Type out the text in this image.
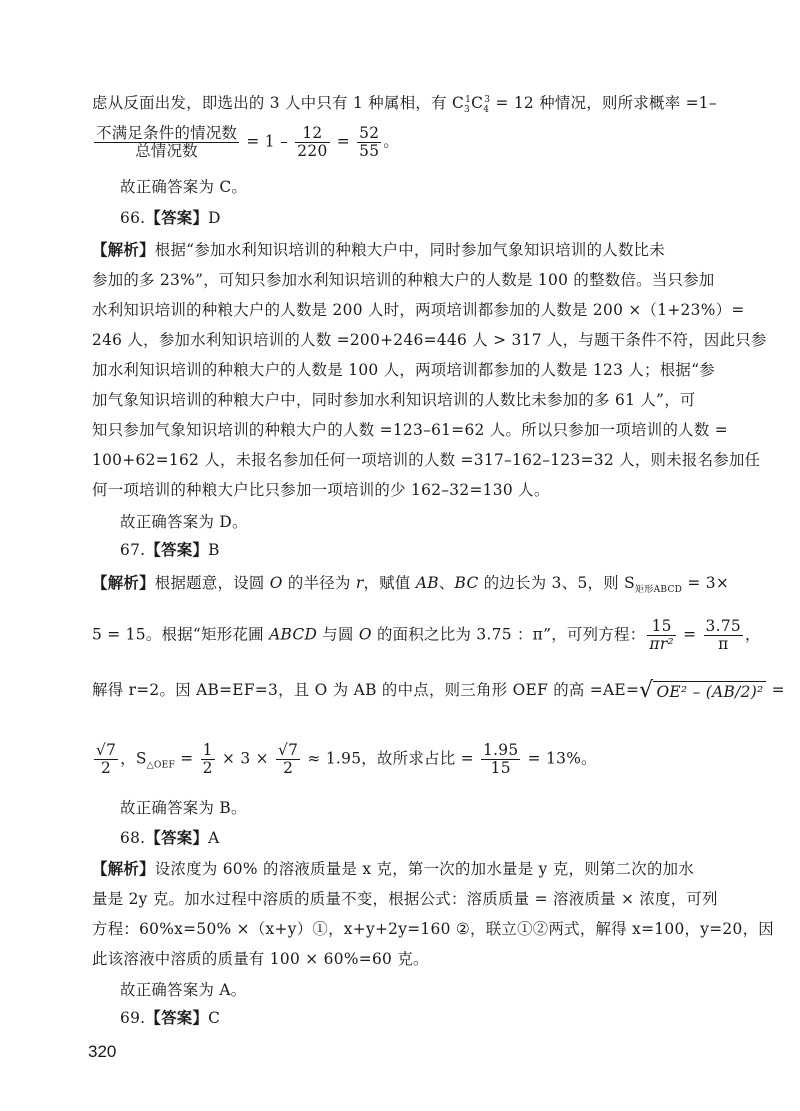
虑从反面出发，即选出的 3 人中只有 1 种属相，有 $C_3^1C_4^3 = 12$ 种情况，则所求概率 =1–
$\frac{\text{不满足条件的情况数}}{\text{总情况数}} = 1 - \frac{12}{220} = \frac{52}{55}$ 。
故正确答案为 C。
66.【答案】D
【解析】根据“参加水利知识培训的种粮大户中，同时参加气象知识培训的人数比未
参加的多 23%”，可知只参加水利知识培训的种粮大户的人数是 100 的整数倍。当只参加
水利知识培训的种粮大户的人数是 200 人时，两项培训都参加的人数是 200 ×（1+23%）=
246 人，参加水利知识培训的人数 =200+246=446 人 > 317 人，与题干条件不符，因此只参
加水利知识培训的种粮大户的人数是 100 人，两项培训都参加的人数是 123 人；根据“参
加气象知识培训的种粮大户中，同时参加水利知识培训的人数比未参加的多 61 人”，可
知只参加气象知识培训的种粮大户的人数 =123–61=62 人。所以只参加一项培训的人数 =
100+62=162 人，未报名参加任何一项培训的人数 =317–162–123=32 人，则未报名参加任
何一项培训的种粮大户比只参加一项培训的少 162–32=130 人。
故正确答案为 D。
67.【答案】B
【解析】根据题意，设圆 O 的半径为 r，赋值 AB、BC 的边长为 3、5，则 $S_{矩形ABCD} = 3\times$
5 = 15。根据“矩形花圃 ABCD 与圆 O 的面积之比为 3.75 ：π”，可列方程： $\frac{15}{\text{πr²}} = \frac{3.75}{\pi}$ ，
解得 r=2。因 AB=EF=3，且 O 为 AB 的中点，则三角形 OEF 的高 =AE=√ OE² – (AB/2)² =
$\frac{√7}{2}$ ，$S_{\triangle OEF} = \frac{1}{2} \times 3 \times \frac{√7}{2} \approx 1.95$，故所求占比 = $\frac{1.95}{15} = 13\%$。
故正确答案为 B。
68.【答案】A
【解析】设浓度为 60% 的溶液质量是 x 克，第一次的加水量是 y 克，则第二次的加水
量是 2y 克。加水过程中溶质的质量不变，根据公式：溶质质量 = 溶液质量 × 浓度，可列
方程：60%x=50% ×（x+y）①，x+y+2y=160 ②，联立①②两式，解得 x=100，y=20，因
此该溶液中溶质的质量有 100 × 60%=60 克。
故正确答案为 A。
69.【答案】C
320
